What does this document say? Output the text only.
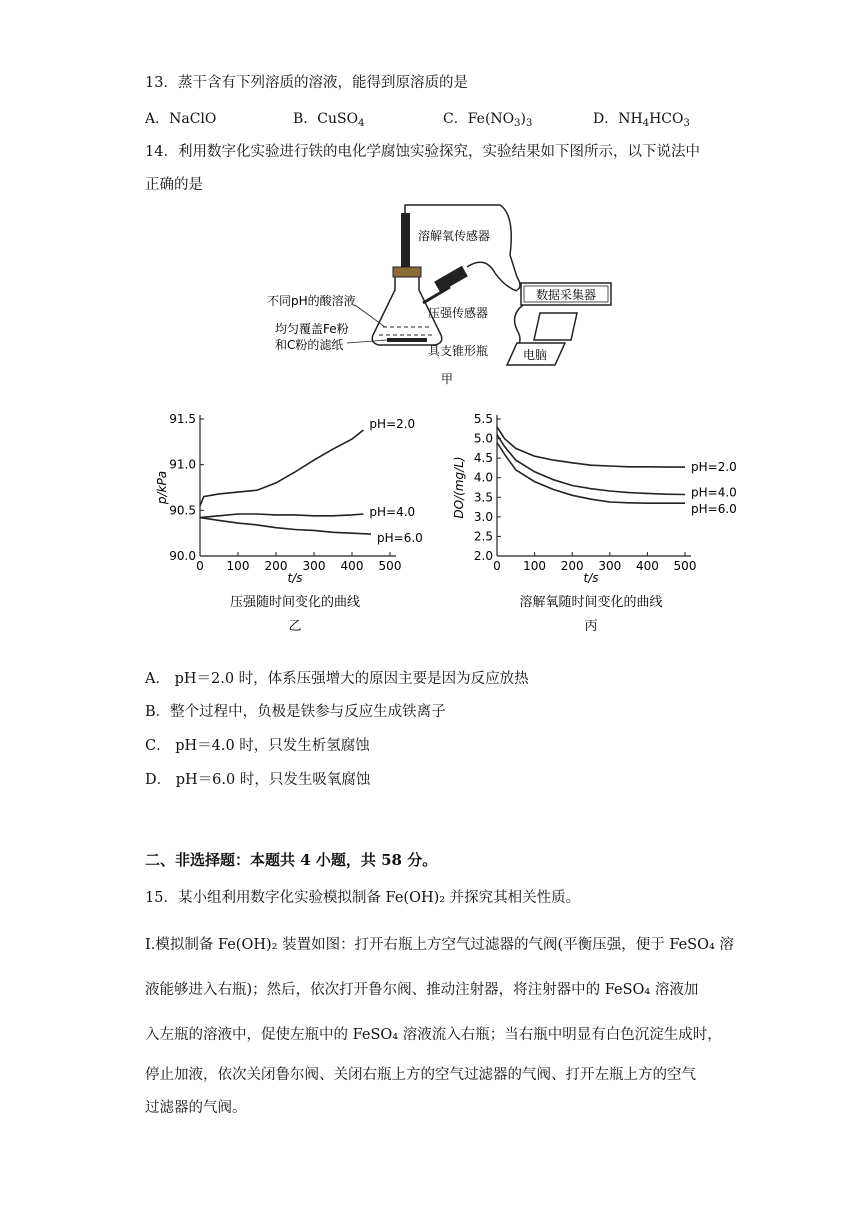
13．蒸干含有下列溶质的溶液，能得到原溶质的是
A．NaClO	B．CuSO$_4$	C．$Fe(NO_3)_3$	D．$NH_4HCO_3$
14．利用数字化实验进行铁的电化学腐蚀实验探究，实验结果如下图所示，以下说法中
正确的是
数据采集器
电脑
溶解氧传感器
不同pH的酸溶液
均匀覆盖Fe粉
和C粉的滤纸
压强传感器
具支锥形瓶
甲
0 100 200 300 400 500
90.0
90.5
91.0
91.5
t/s
p/kPa
pH=2.0
pH=4.0
pH=6.0
压强随时间变化的曲线
乙
0 100 200 300 400 500
2.0
2.5
3.0
3.5
4.0
4.5
5.0
5.5
t/s
DO/(mg/L)	pH=2.0
pH=4.0
pH=6.0
溶解氧随时间变化的曲线
丙
A． pH＝2.0 时，体系压强增大的原因主要是因为反应放热
B．整个过程中，负极是铁参与反应生成铁离子
C． pH＝4.0 时，只发生析氢腐蚀
D． pH＝6.0 时，只发生吸氧腐蚀
二、非选择题：本题共 4 小题，共 58 分。
15．某小组利用数字化实验模拟制备 Fe(OH)₂ 并探究其相关性质。
Ⅰ.模拟制备 Fe(OH)₂ 装置如图：打开右瓶上方空气过滤器的气阀(平衡压强，便于 FeSO₄ 溶
液能够进入右瓶)；然后，依次打开鲁尔阀、推动注射器，将注射器中的 FeSO₄ 溶液加
入左瓶的溶液中，促使左瓶中的 FeSO₄ 溶液流入右瓶；当右瓶中明显有白色沉淀生成时，
停止加液，依次关闭鲁尔阀、关闭右瓶上方的空气过滤器的气阀、打开左瓶上方的空气
过滤器的气阀。
